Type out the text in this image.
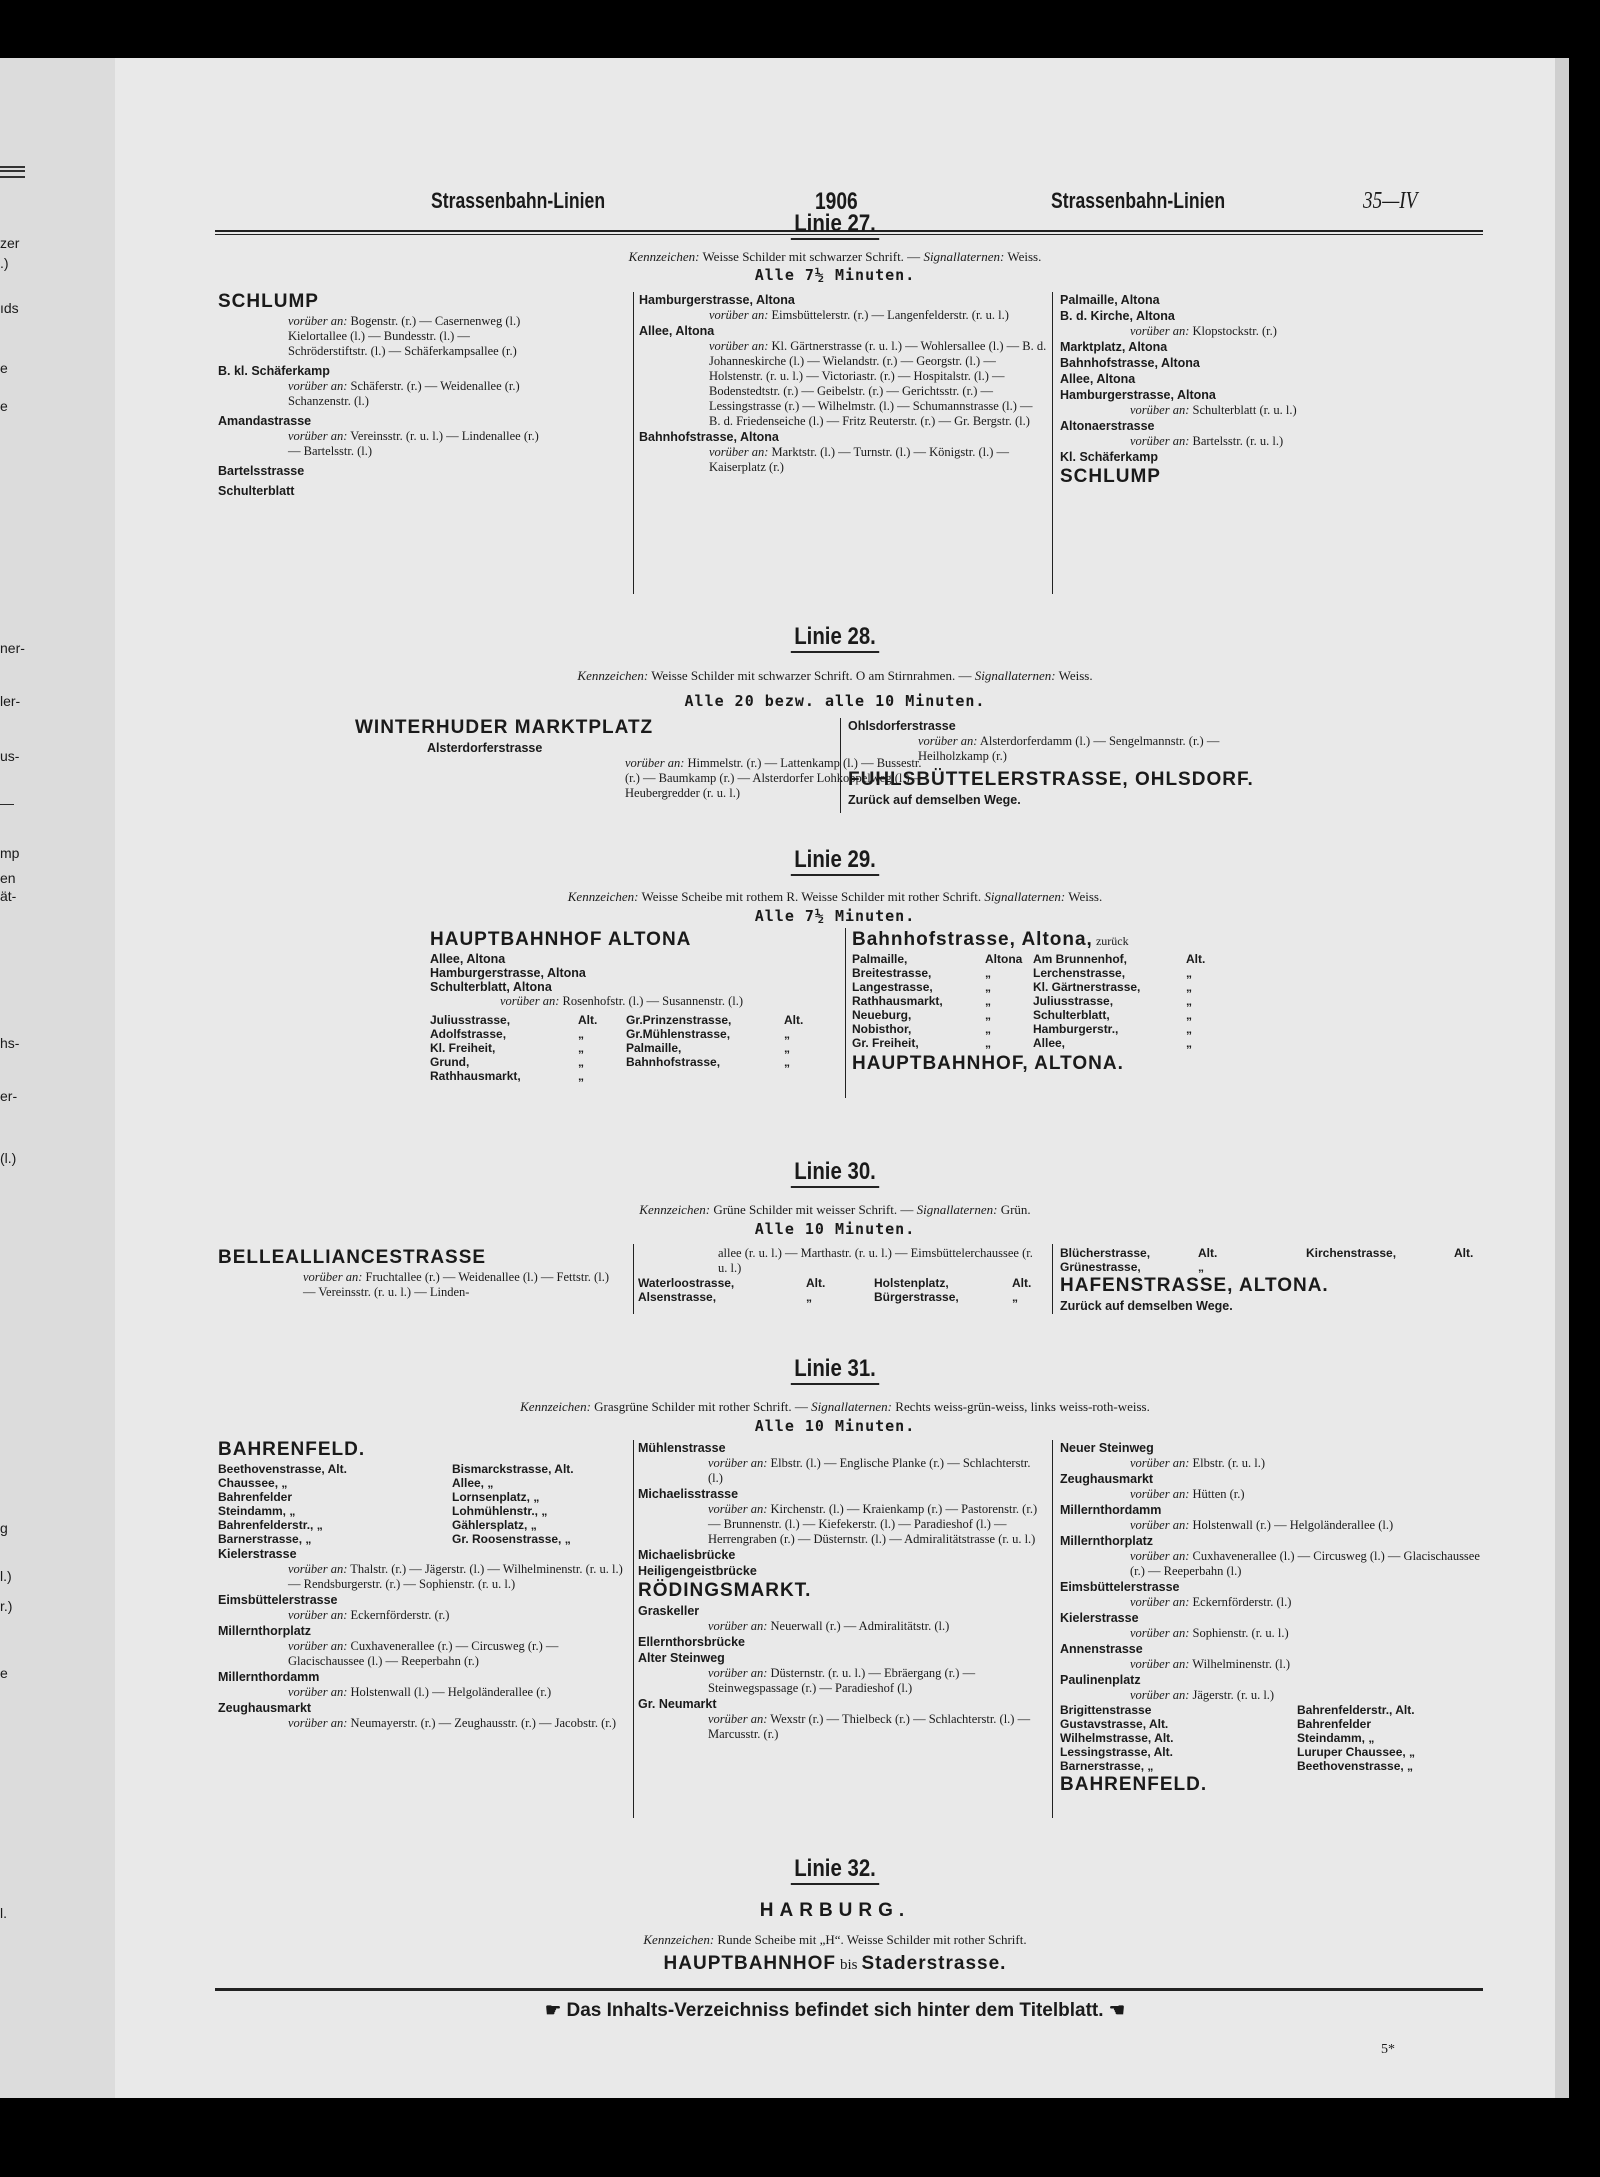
zer
.)
ıds
e
e
ner-
ler-
us-
—
mp
en
ät-
hs-
er-
(l.)
g
l.)
r.)
e
l.
Strassenbahn-Linien	1906	Strassenbahn-Linien	35—IV
Linie 27.
Kennzeichen: Weisse Schilder mit schwarzer Schrift. — Signallaternen: Weiss.
Alle 7½ Minuten.
SCHLUMP
vorüber an: Bogenstr. (r.) — Casernenweg (l.) Kielortallee (l.) — Bundesstr. (l.) — Schröderstiftstr. (l.) — Schäferkampsallee (r.)
B. kl. Schäferkamp
vorüber an: Schäferstr. (r.) — Weidenallee (r.) Schanzenstr. (l.)
Amandastrasse
vorüber an: Vereinsstr. (r. u. l.) — Lindenallee (r.) — Bartelsstr. (l.)
Bartelsstrasse
Schulterblatt
Hamburgerstrasse, Altona
vorüber an: Eimsbüttelerstr. (r.) — Langenfelderstr. (r. u. l.)
Allee, Altona
vorüber an: Kl. Gärtnerstrasse (r. u. l.) — Wohlersallee (l.) — B. d. Johanneskirche (l.) — Wielandstr. (r.) — Georgstr. (l.) — Holstenstr. (r. u. l.) — Victoriastr. (r.) — Hospitalstr. (l.) — Bodenstedtstr. (r.) — Geibelstr. (r.) — Gerichtsstr. (r.) — Lessingstrasse (r.) — Wilhelmstr. (l.) — Schumannstrasse (l.) — B. d. Friedenseiche (l.) — Fritz Reuterstr. (r.) — Gr. Bergstr. (l.)
Bahnhofstrasse, Altona
vorüber an: Marktstr. (l.) — Turnstr. (l.) — Königstr. (l.) — Kaiserplatz (r.)
Palmaille, Altona
B. d. Kirche, Altona
vorüber an: Klopstockstr. (r.)
Marktplatz, Altona
Bahnhofstrasse, Altona
Allee, Altona
Hamburgerstrasse, Altona
vorüber an: Schulterblatt (r. u. l.)
Altonaerstrasse
vorüber an: Bartelsstr. (r. u. l.)
Kl. Schäferkamp
SCHLUMP
Linie 28.
Kennzeichen: Weisse Schilder mit schwarzer Schrift. O am Stirnrahmen. — Signallaternen: Weiss.
Alle 20 bezw. alle 10 Minuten.
WINTERHUDER MARKTPLATZ
Alsterdorferstrasse
vorüber an: Himmelstr. (r.) — Lattenkamp (l.) — Bussestr. (r.) — Baumkamp (r.) — Alsterdorfer Lohkoppelweg (l.) — Heubergredder (r. u. l.)
Ohlsdorferstrasse
vorüber an: Alsterdorferdamm (l.) — Sengelmannstr. (r.) — Heilholzkamp (r.)
FUHLSBÜTTELERSTRASSE, OHLSDORF.
Zurück auf demselben Wege.
Linie 29.
Kennzeichen: Weisse Scheibe mit rothem R. Weisse Schilder mit rother Schrift. Signallaternen: Weiss.
Alle 7½ Minuten.
HAUPTBAHNHOF ALTONA
Allee, Altona
Hamburgerstrasse, Altona
Schulterblatt, Altona
vorüber an: Rosenhofstr. (l.) — Susannenstr. (l.)
Juliusstrasse,	Alt.	Gr.Prinzenstrasse,	Alt.
Adolfstrasse,	„	Gr.Mühlenstrasse,	„
Kl. Freiheit,	„	Palmaille,	„
Grund,	„	Bahnhofstrasse,	„
Rathhausmarkt,	„
Bahnhofstrasse, Altona, zurück
Palmaille,	Altona Am Brunnenhof,	Alt.
Breitestrasse,	„	Lerchenstrasse,	„
Langestrasse,	„	Kl. Gärtnerstrasse,	„
Rathhausmarkt,	„	Juliusstrasse,	„
Neueburg,	„	Schulterblatt,	„
Nobisthor,	„	Hamburgerstr.,	„
Gr. Freiheit,	„	Allee,	„
HAUPTBAHNHOF, ALTONA.
Linie 30.
Kennzeichen: Grüne Schilder mit weisser Schrift. — Signallaternen: Grün.
Alle 10 Minuten.
BELLEALLIANCESTRASSE
vorüber an: Fruchtallee (r.) — Weidenallee (l.) — Fettstr. (l.) — Vereinsstr. (r. u. l.) — Linden-
allee (r. u. l.) — Marthastr. (r. u. l.) — Eimsbüttelerchaussee (r. u. l.)
Waterloostrasse,	Alt.	Holstenplatz,	Alt.
Alsenstrasse,	„	Bürgerstrasse,	„
Blücherstrasse,	Alt.	Kirchenstrasse,	Alt.
Grünestrasse,	„
HAFENSTRASSE, ALTONA.
Zurück auf demselben Wege.
Linie 31.
Kennzeichen: Grasgrüne Schilder mit rother Schrift. — Signallaternen: Rechts weiss-grün-weiss, links weiss-roth-weiss.
Alle 10 Minuten.
BAHRENFELD.
Beethovenstrasse, Alt.	Bismarckstrasse, Alt.
Chaussee, „	Allee, „
Bahrenfelder	Lornsenplatz, „
Steindamm, „	Lohmühlenstr., „
Bahrenfelderstr., „	Gählersplatz, „
Barnerstrasse, „	Gr. Roosenstrasse, „
Kielerstrasse
vorüber an: Thalstr. (r.) — Jägerstr. (l.) — Wilhelminenstr. (r. u. l.) — Rendsburgerstr. (r.) — Sophienstr. (r. u. l.)
Eimsbüttelerstrasse
vorüber an: Eckernförderstr. (r.)
Millernthorplatz
vorüber an: Cuxhavenerallee (r.) — Circusweg (r.) — Glacischaussee (l.) — Reeperbahn (r.)
Millernthordamm
vorüber an: Holstenwall (l.) — Helgoländerallee (r.)
Zeughausmarkt
vorüber an: Neumayerstr. (r.) — Zeughausstr. (r.) — Jacobstr. (r.)
Mühlenstrasse
vorüber an: Elbstr. (l.) — Englische Planke (r.) — Schlachterstr. (l.)
Michaelisstrasse
vorüber an: Kirchenstr. (l.) — Kraienkamp (r.) — Pastorenstr. (r.) — Brunnenstr. (l.) — Kiefekerstr. (l.) — Paradieshof (l.) — Herrengraben (r.) — Düsternstr. (l.) — Admiralitätstrasse (r. u. l.)
Michaelisbrücke
Heiligengeistbrücke
RÖDINGSMARKT.
Graskeller
vorüber an: Neuerwall (r.) — Admiralitätstr. (l.)
Ellernthorsbrücke
Alter Steinweg
vorüber an: Düsternstr. (r. u. l.) — Ebräergang (r.) — Steinwegspassage (r.) — Paradieshof (l.)
Gr. Neumarkt
vorüber an: Wexstr (r.) — Thielbeck (r.) — Schlachterstr. (l.) — Marcusstr. (r.)
Neuer Steinweg
vorüber an: Elbstr. (r. u. l.)
Zeughausmarkt
vorüber an: Hütten (r.)
Millernthordamm
vorüber an: Holstenwall (r.) — Helgoländerallee (l.)
Millernthorplatz
vorüber an: Cuxhavenerallee (l.) — Circusweg (l.) — Glacischaussee (r.) — Reeperbahn (l.)
Eimsbüttelerstrasse
vorüber an: Eckernförderstr. (l.)
Kielerstrasse
vorüber an: Sophienstr. (r. u. l.)
Annenstrasse
vorüber an: Wilhelminenstr. (l.)
Paulinenplatz
vorüber an: Jägerstr. (r. u. l.)
Brigittenstrasse	Bahrenfelderstr., Alt.
Gustavstrasse, Alt.	Bahrenfelder
Wilhelmstrasse, Alt.	Steindamm, „
Lessingstrasse, Alt.	Luruper Chaussee, „
Barnerstrasse, „	Beethovenstrasse, „
BAHRENFELD.
Linie 32.
HARBURG.
Kennzeichen: Runde Scheibe mit „H“. Weisse Schilder mit rother Schrift.
HAUPTBAHNHOF bis Staderstrasse.
☛ Das Inhalts-Verzeichniss befindet sich hinter dem Titelblatt. ☚
5*
